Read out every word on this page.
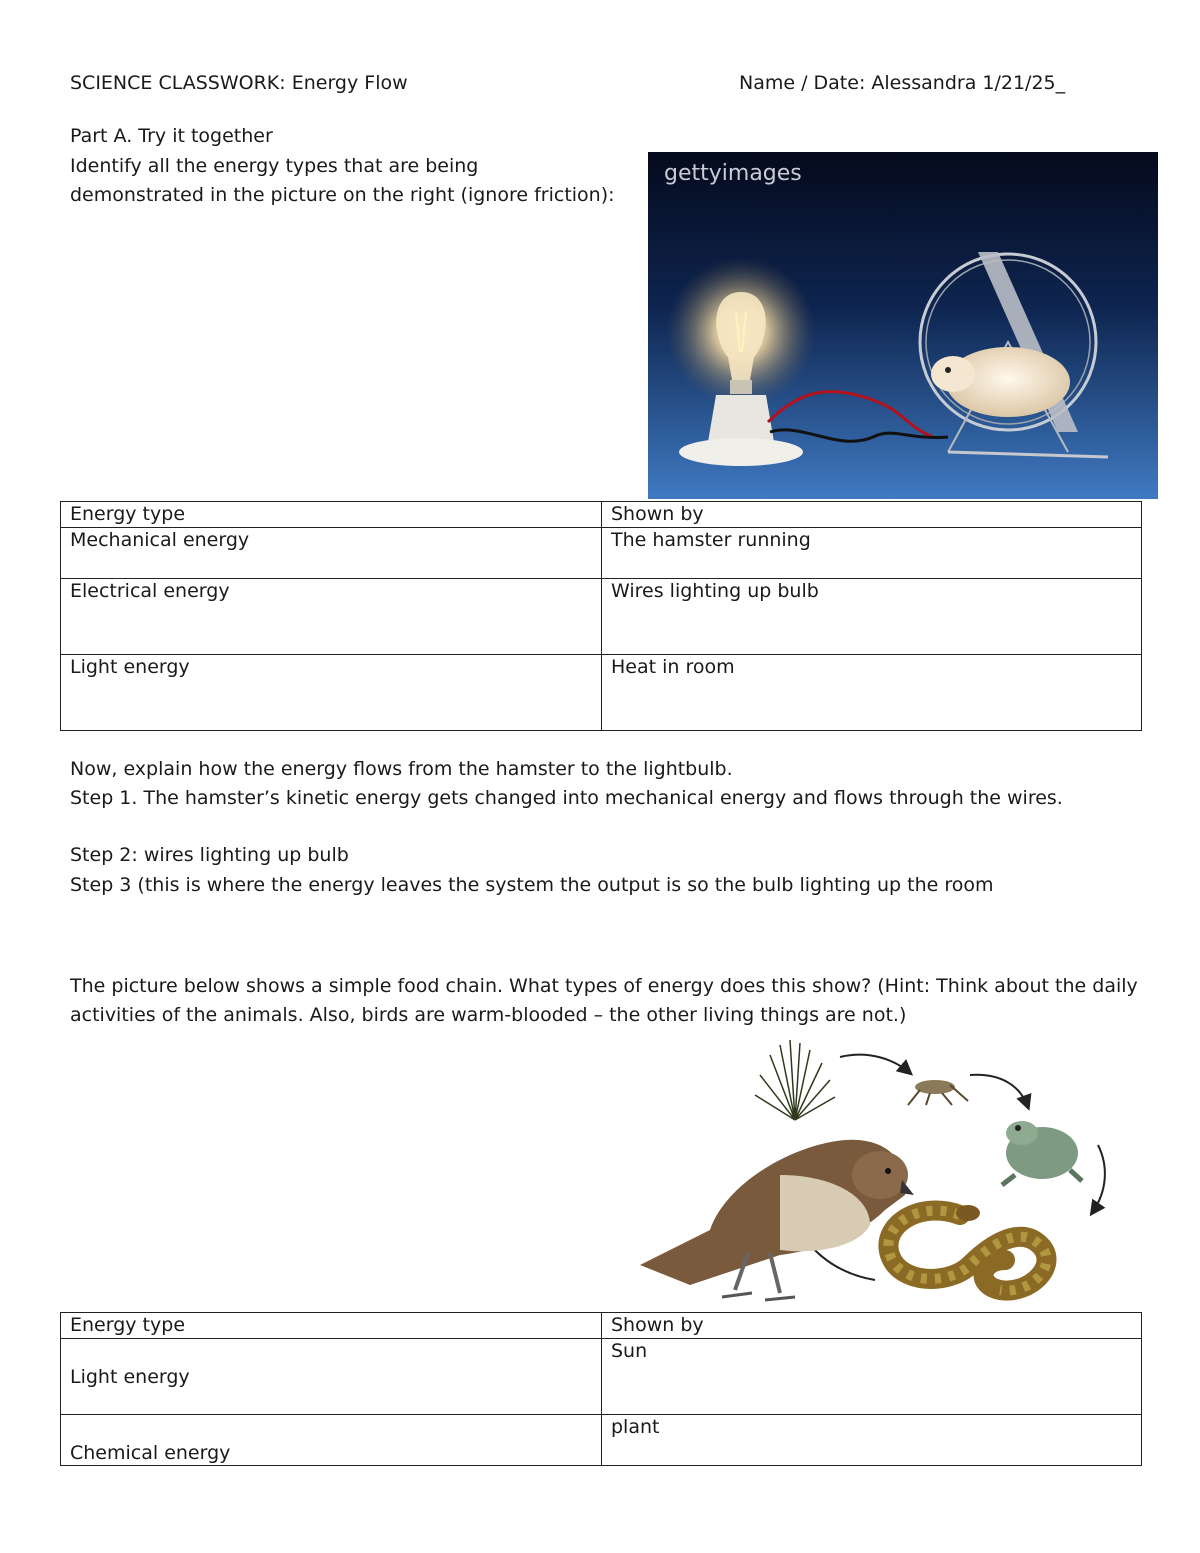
SCIENCE CLASSWORK: Energy Flow	Name / Date: Alessandra 1/21/25_
Part A. Try it together
Identify all the energy types that are being demonstrated in the picture on the right (ignore friction):
gettyimages
Energy type	Shown by
Mechanical energy	The hamster running
Electrical energy	Wires lighting up bulb
Light energy	Heat in room
Now, explain how the energy flows from the hamster to the lightbulb.
Step 1. The hamster’s kinetic energy gets changed into mechanical energy and flows through the wires.
Step 2: wires lighting up bulb
Step 3 (this is where the energy leaves the system the output is so the bulb lighting up the room
The picture below shows a simple food chain. What types of energy does this show? (Hint: Think about the daily activities of the animals. Also, birds are warm-blooded – the other living things are not.)
Energy type	Shown by
Light energy	Sun
Chemical energy	plant
